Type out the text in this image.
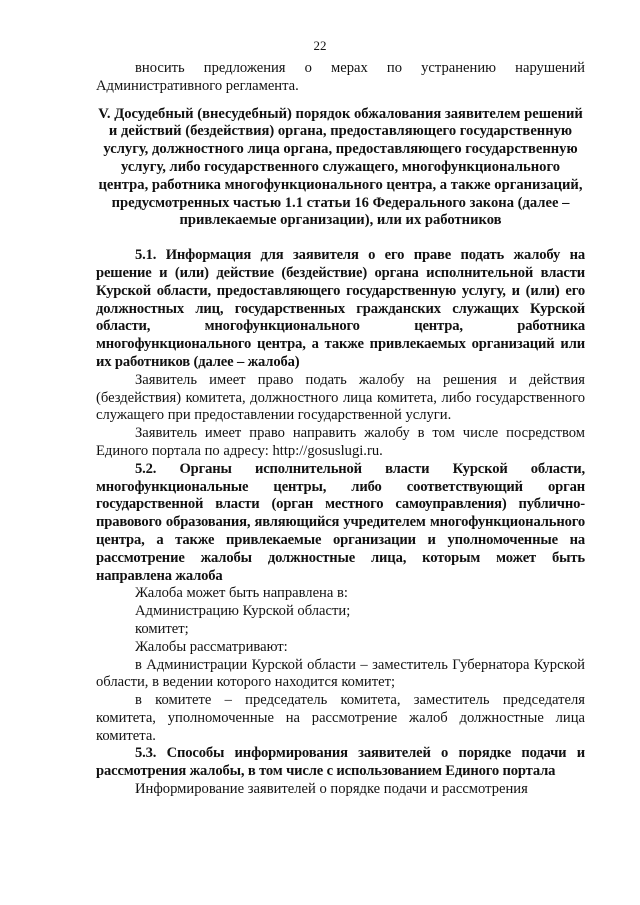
22

вносить предложения о мерах по устранению нарушений Административного регламента.

V. Досудебный (внесудебный) порядок обжалования заявителем решений и действий (бездействия) органа, предоставляющего государственную услугу, должностного лица органа, предоставляющего государственную услугу, либо государственного служащего, многофункционального центра, работника многофункционального центра, а также организаций, предусмотренных частью 1.1 статьи 16 Федерального закона (далее – привлекаемые организации), или их работников

5.1. Информация для заявителя о его праве подать жалобу на решение и (или) действие (бездействие) органа исполнительной власти Курской области, предоставляющего государственную услугу, и (или) его должностных лиц, государственных гражданских служащих Курской области, многофункционального центра, работника многофункционального центра, а также привлекаемых организаций или их работников (далее – жалоба)

Заявитель имеет право подать жалобу на решения и действия (бездействия) комитета, должностного лица комитета, либо государственного служащего при предоставлении государственной услуги.

Заявитель имеет право направить жалобу в том числе посредством Единого портала по адресу: http://gosuslugi.ru.

5.2. Органы исполнительной власти Курской области, многофункциональные центры, либо соответствующий орган государственной власти (орган местного самоуправления) публично-правового образования, являющийся учредителем многофункционального центра, а также привлекаемые организации и уполномоченные на рассмотрение жалобы должностные лица, которым может быть направлена жалоба

Жалоба может быть направлена в:

Администрацию Курской области;

комитет;

Жалобы рассматривают:

в Администрации Курской области – заместитель Губернатора Курской области, в ведении которого находится комитет;

в комитете – председатель комитета, заместитель председателя комитета, уполномоченные на рассмотрение жалоб должностные лица комитета.

5.3. Способы информирования заявителей о порядке подачи и рассмотрения жалобы, в том числе с использованием Единого портала

Информирование заявителей о порядке подачи и рассмотрения
